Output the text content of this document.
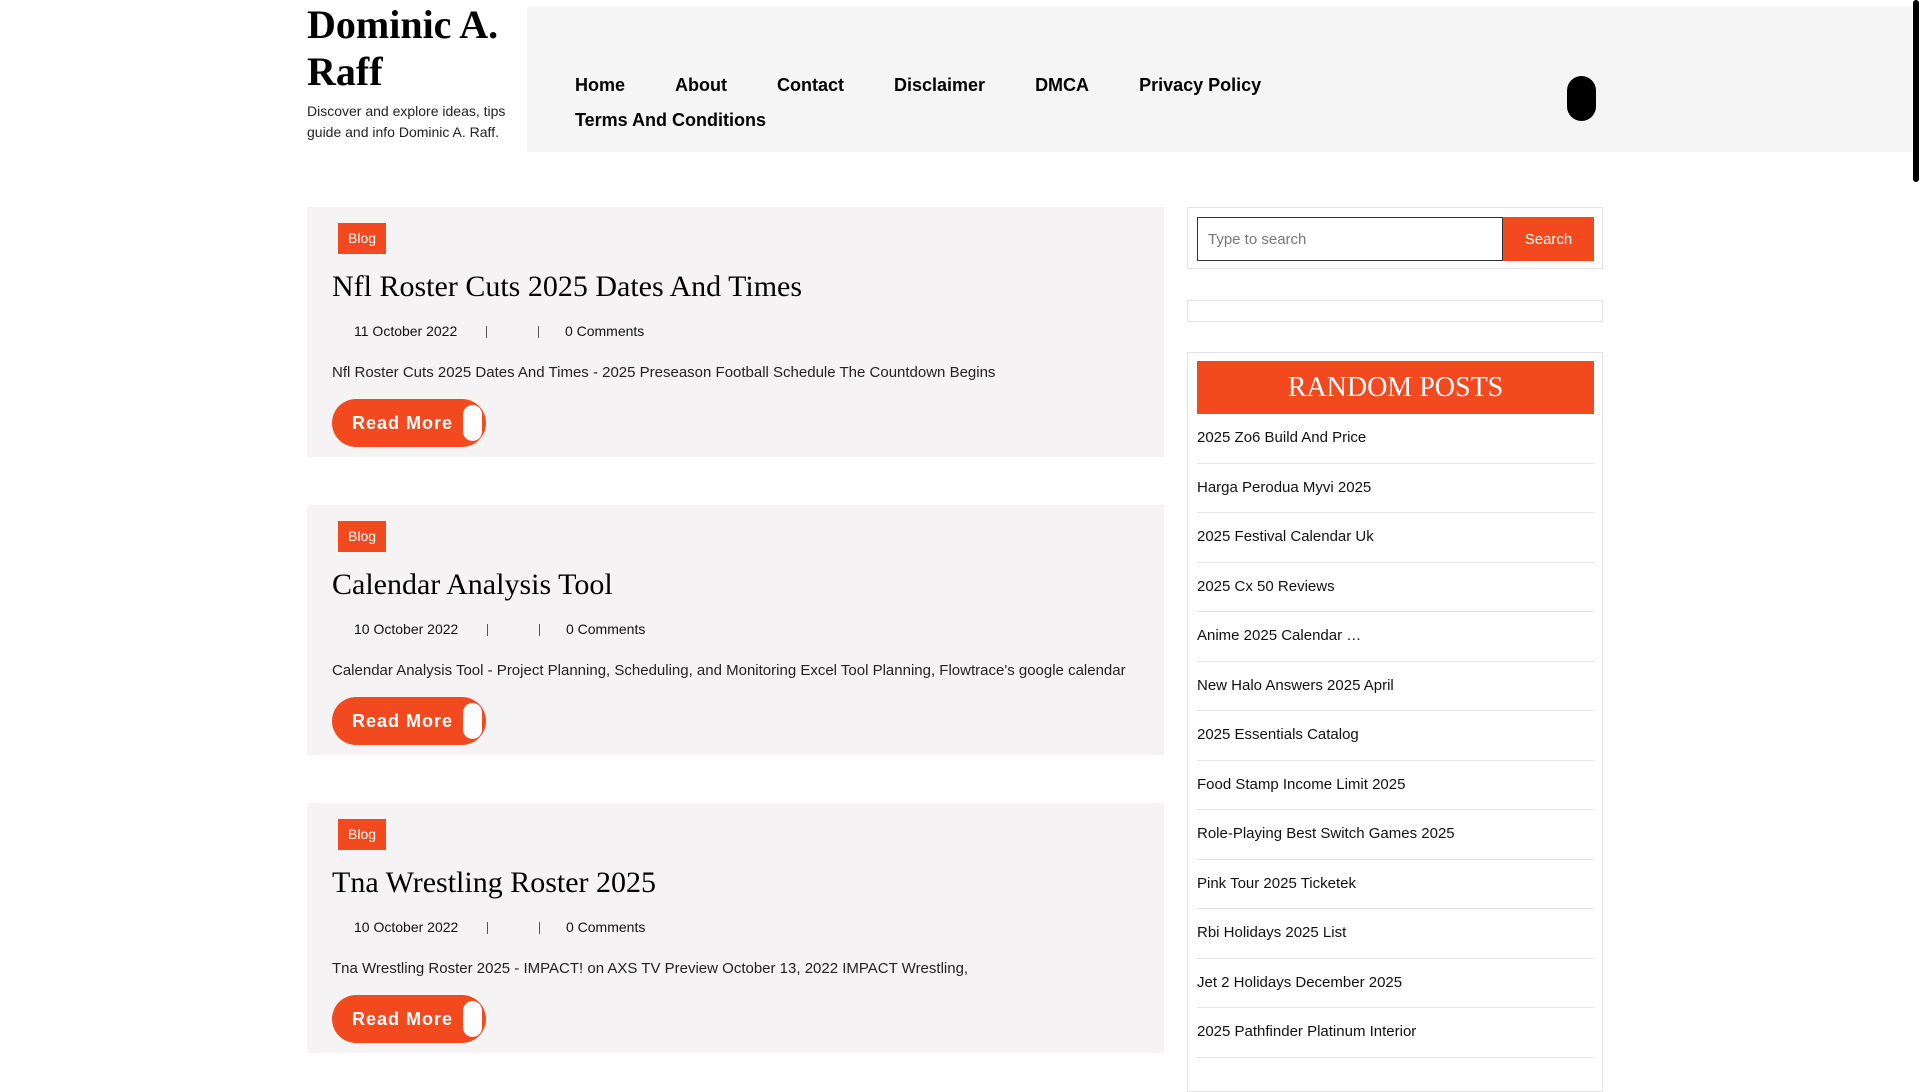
Dominic A. Raff
Discover and explore ideas, tips guide and info Dominic A. Raff.
Home	About	Contact	Disclaimer	DMCA	Privacy Policy
Terms And Conditions
Blog
Nfl Roster Cuts 2025 Dates And Times
11 October 2022	0 Comments
Nfl Roster Cuts 2025 Dates And Times - 2025 Preseason Football Schedule The Countdown Begins
Read More
Blog
Calendar Analysis Tool
10 October 2022	0 Comments
Calendar Analysis Tool - Project Planning, Scheduling, and Monitoring Excel Tool Planning, Flowtrace's google calendar
Read More
Blog
Tna Wrestling Roster 2025
10 October 2022	0 Comments
Tna Wrestling Roster 2025 - IMPACT! on AXS TV Preview October 13, 2022 IMPACT Wrestling,
Read More
Type to search
Search
RANDOM POSTS
2025 Zo6 Build And Price
Harga Perodua Myvi 2025
2025 Festival Calendar Uk
2025 Cx 50 Reviews
Anime 2025 Calendar …
New Halo Answers 2025 April
2025 Essentials Catalog
Food Stamp Income Limit 2025
Role-Playing Best Switch Games 2025
Pink Tour 2025 Ticketek
Rbi Holidays 2025 List
Jet 2 Holidays December 2025
2025 Pathfinder Platinum Interior
